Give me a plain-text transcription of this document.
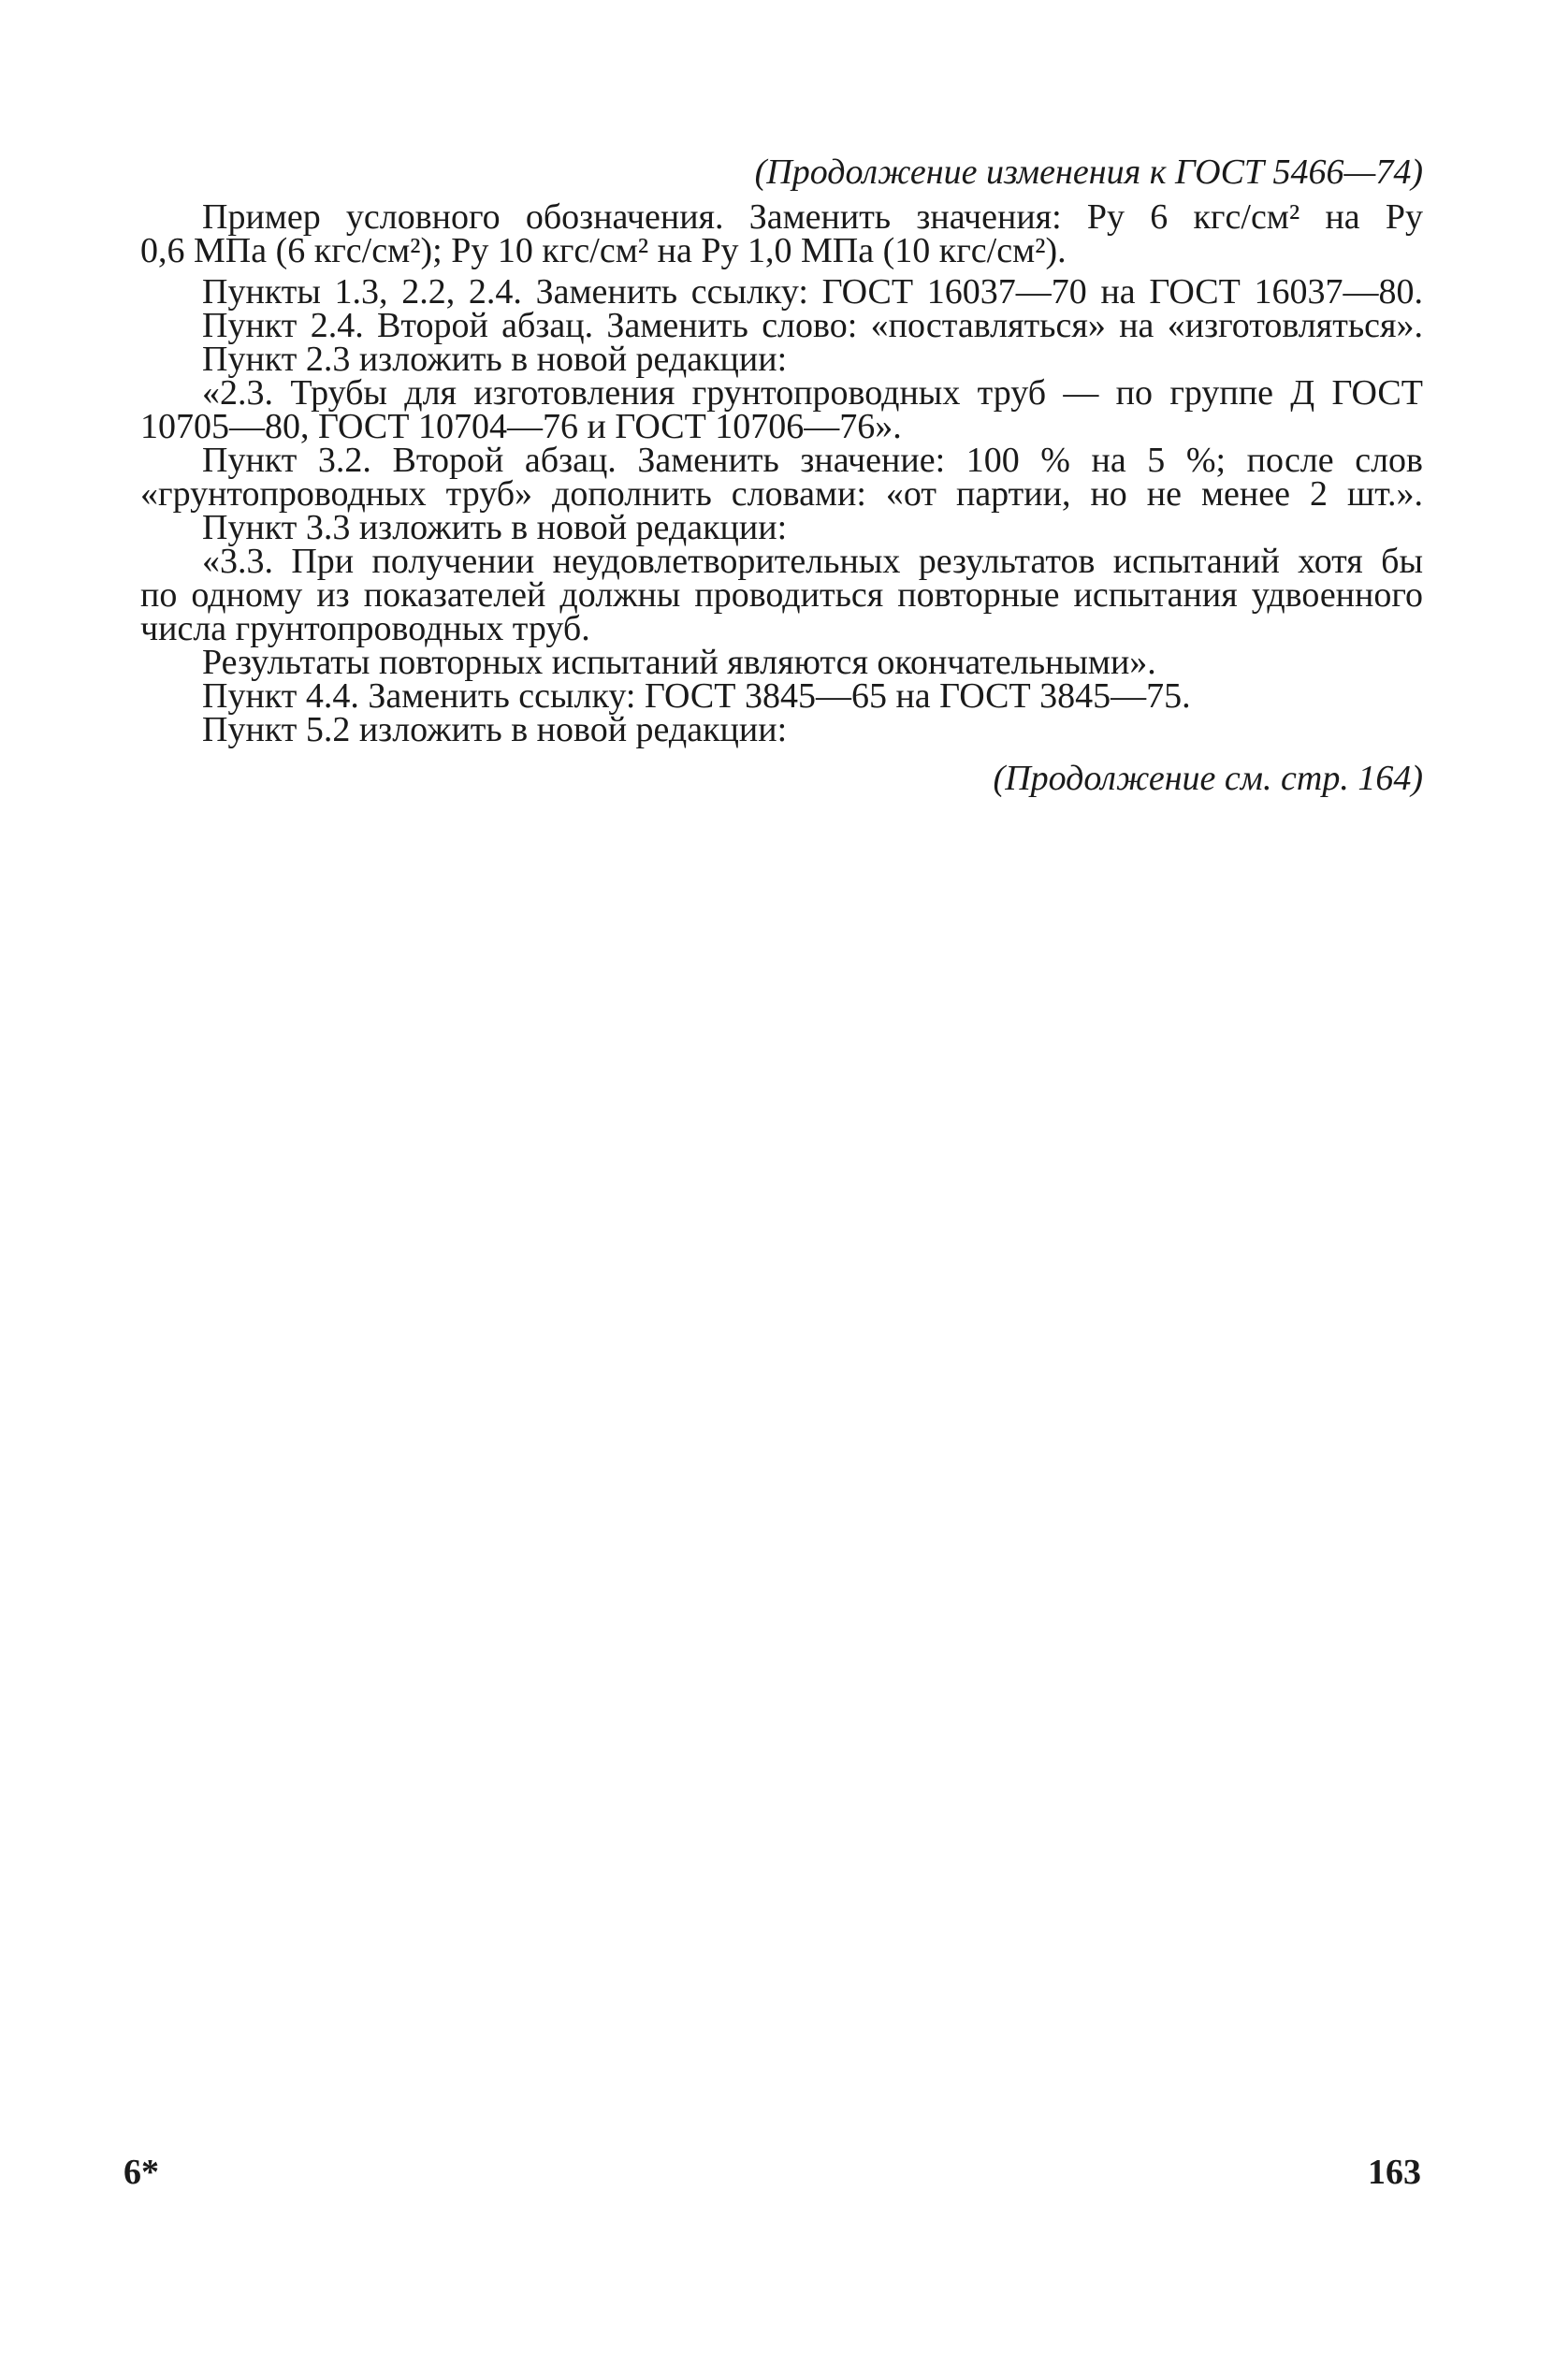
(Продолжение изменения к ГОСТ 5466—74)
Пример условного обозначения. Заменить значения: Pу 6 кгс/см² на Pу
0,6 МПа (6 кгс/см²); Pу 10 кгс/см² на Pу 1,0 МПа (10 кгс/см²).
Пункты 1.3, 2.2, 2.4. Заменить ссылку: ГОСТ 16037—70 на ГОСТ 16037—80.
Пункт 2.4. Второй абзац. Заменить слово: «поставляться» на «изготовляться».
Пункт 2.3 изложить в новой редакции:
«2.3. Трубы для изготовления грунтопроводных труб — по группе Д ГОСТ
10705—80, ГОСТ 10704—76 и ГОСТ 10706—76».
Пункт 3.2. Второй абзац. Заменить значение: 100 % на 5 %; после слов
«грунтопроводных труб» дополнить словами: «от партии, но не менее 2 шт.».
Пункт 3.3 изложить в новой редакции:
«3.3. При получении неудовлетворительных результатов испытаний хотя бы
по одному из показателей должны проводиться повторные испытания удвоенного
числа грунтопроводных труб.
Результаты повторных испытаний являются окончательными».
Пункт 4.4. Заменить ссылку: ГОСТ 3845—65 на ГОСТ 3845—75.
Пункт 5.2 изложить в новой редакции:
(Продолжение см. стр. 164)
6*	163
